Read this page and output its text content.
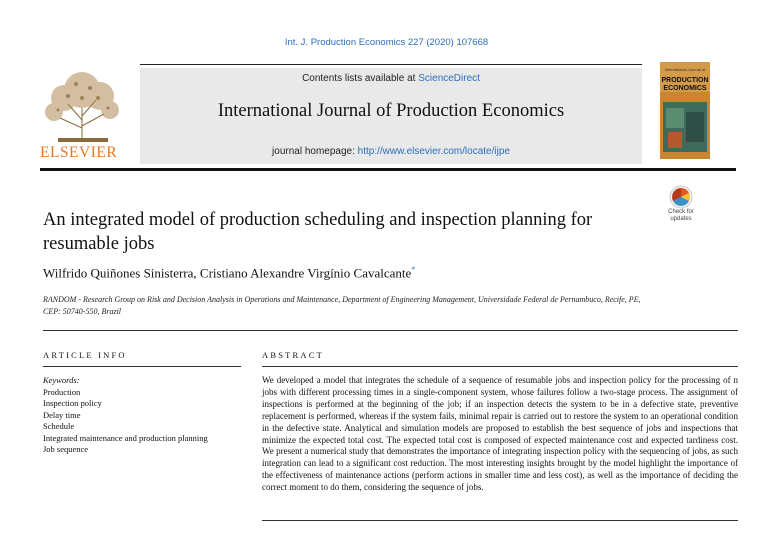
Int. J. Production Economics 227 (2020) 107668
ELSEVIER
Contents lists available at ScienceDirect
International Journal of Production Economics
journal homepage: http://www.elsevier.com/locate/ijpe
International Journal of
PRODUCTION
ECONOMICS
Check for
updates
An integrated model of production scheduling and inspection planning for resumable jobs
Wilfrido Quiñones Sinisterra, Cristiano Alexandre Virgínio Cavalcante*
RANDOM - Research Group on Risk and Decision Analysis in Operations and Maintenance, Department of Engineering Management, Universidade Federal de Pernambuco, Recife, PE, CEP: 50740-550, Brazil
ARTICLE INFO	ABSTRACT
Keywords:
Production
Inspection policy
Delay time
Schedule
Integrated maintenance and production planning
Job sequence
We developed a model that integrates the schedule of a sequence of resumable jobs and inspection policy for the processing of n jobs with different processing times in a single-component system, whose failures follow a two-stage process. The assignment of inspections is performed at the beginning of the job; if an inspection detects the system to be in a defective state, preventive replacement is performed, whereas if the system fails, minimal repair is carried out to restore the system to an operational condition in the defective state. Analytical and simulation models are proposed to establish the best sequence of jobs and inspections that minimize the expected total cost. The expected total cost is composed of expected maintenance cost and expected tardiness cost. We present a numerical study that demonstrates the importance of integrating inspection policy with the sequencing of jobs, as such integration can lead to a significant cost reduction. The most interesting insights brought by the model highlight the importance of the effectiveness of maintenance actions (perform actions in smaller time and less cost), as well as the importance of deciding the correct moment to do them, considering the sequence of jobs.
